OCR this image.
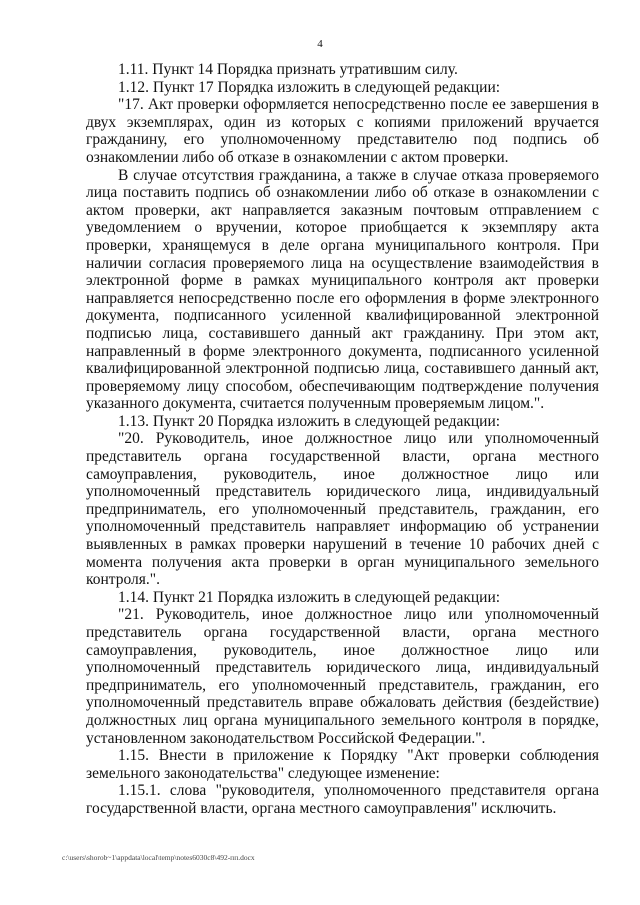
4

1.11. Пункт 14 Порядка признать утратившим силу.

1.12. Пункт 17 Порядка изложить в следующей редакции:

"17. Акт проверки оформляется непосредственно после ее завершения в двух экземплярах, один из которых с копиями приложений вручается гражданину, его уполномоченному представителю под подпись об ознакомлении либо об отказе в ознакомлении с актом проверки.

В случае отсутствия гражданина, а также в случае отказа проверяемого лица поставить подпись об ознакомлении либо об отказе в ознакомлении с актом проверки, акт направляется заказным почтовым отправлением с уведомлением о вручении, которое приобщается к экземпляру акта проверки, хранящемуся в деле органа муниципального контроля. При наличии согласия проверяемого лица на осуществление взаимодействия в электронной форме в рамках муниципального контроля акт проверки направляется непосредственно после его оформления в форме электронного документа, подписанного усиленной квалифицированной электронной подписью лица, составившего данный акт гражданину. При этом акт, направленный в форме электронного документа, подписанного усиленной квалифицированной электронной подписью лица, составившего данный акт, проверяемому лицу способом, обеспечивающим подтверждение получения указанного документа, считается полученным проверяемым лицом.".

1.13. Пункт 20 Порядка изложить в следующей редакции:

"20. Руководитель, иное должностное лицо или уполномоченный представитель органа государственной власти, органа местного самоуправления, руководитель, иное должностное лицо или уполномоченный представитель юридического лица, индивидуальный предприниматель, его уполномоченный представитель, гражданин, его уполномоченный представитель направляет информацию об устранении выявленных в рамках проверки нарушений в течение 10 рабочих дней с момента получения акта проверки в орган муниципального земельного контроля.".

1.14. Пункт 21 Порядка изложить в следующей редакции:

"21. Руководитель, иное должностное лицо или уполномоченный представитель органа государственной власти, органа местного самоуправления, руководитель, иное должностное лицо или уполномоченный представитель юридического лица, индивидуальный предприниматель, его уполномоченный представитель, гражданин, его уполномоченный представитель вправе обжаловать действия (бездействие) должностных лиц органа муниципального земельного контроля в порядке, установленном законодательством Российской Федерации.".

1.15. Внести в приложение к Порядку "Акт проверки соблюдения земельного законодательства" следующее изменение:

1.15.1. слова "руководителя, уполномоченного представителя органа государственной власти, органа местного самоуправления" исключить.

c:\users\shorob~1\appdata\local\temp\notes6030c8\492-пп.docx
